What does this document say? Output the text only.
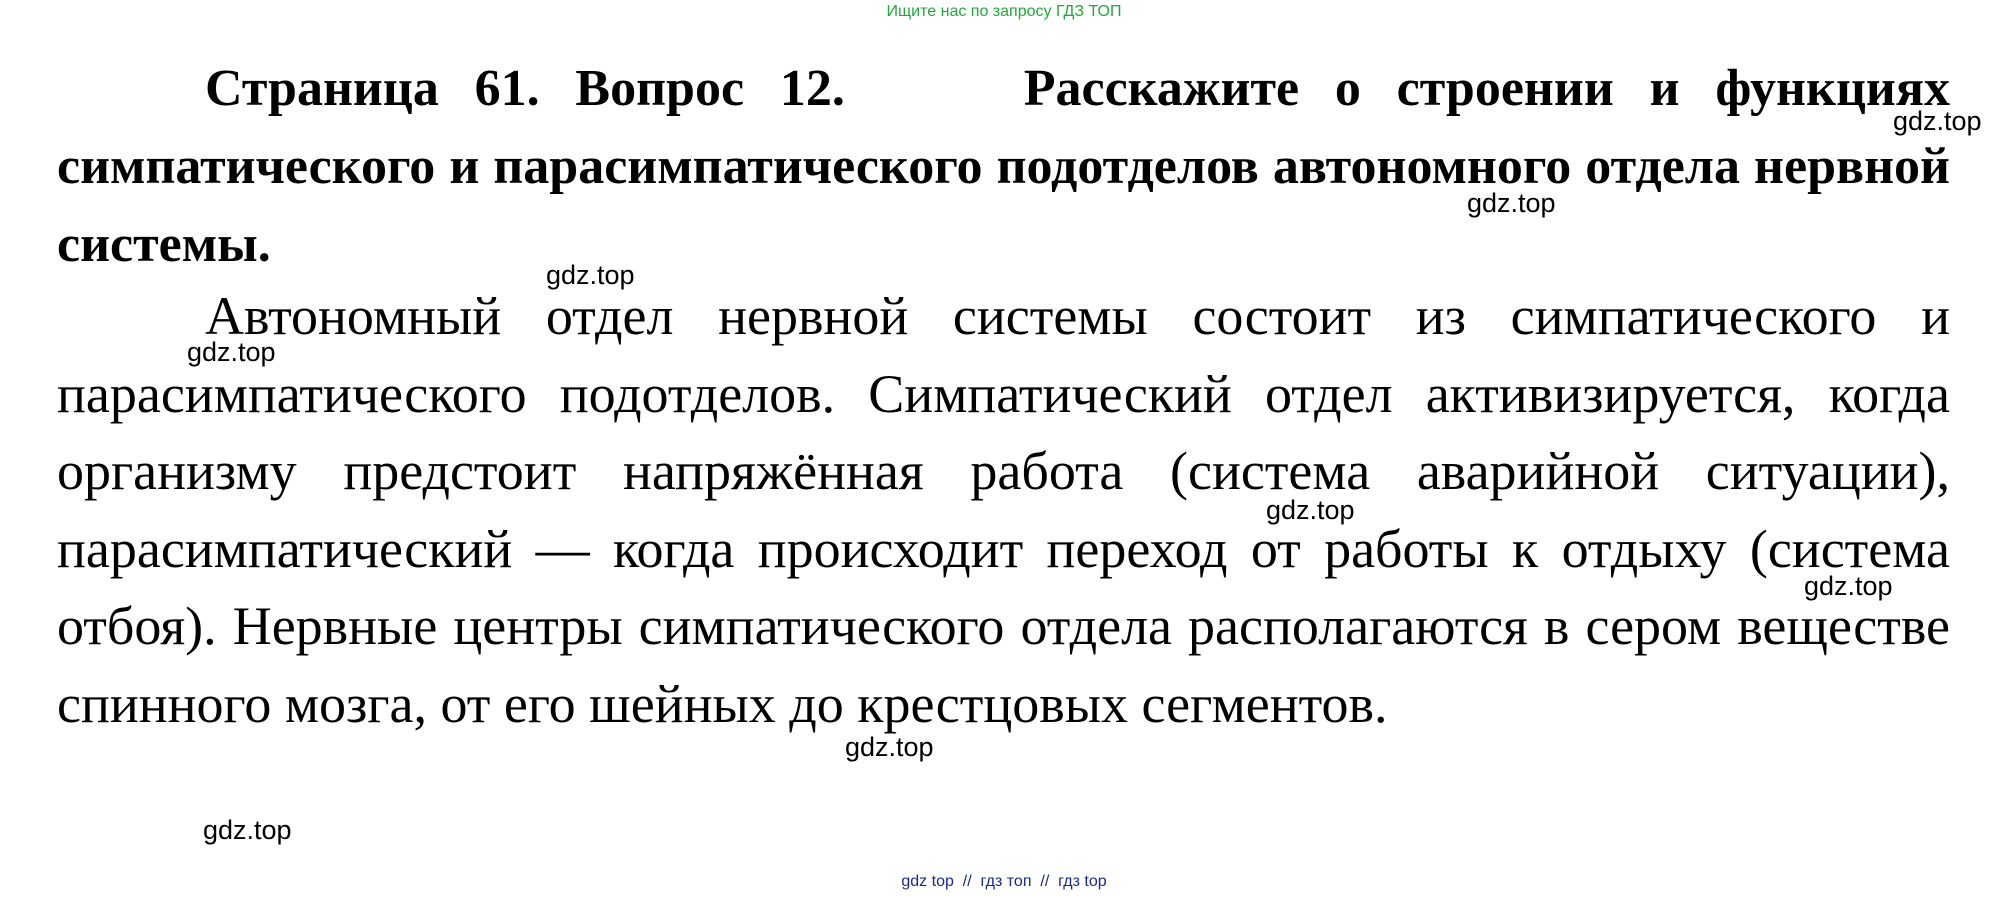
Ищите нас по запросу ГДЗ ТОП

Страница 61. Вопрос 12.     Расскажите о строении и функциях симпатического и парасимпатического подотделов автономного отдела нервной системы.

Автономный отдел нервной системы состоит из симпатического и парасимпатического подотделов. Симпатический отдел активизируется, когда организму предстоит напряжённая работа (система аварийной ситуации), парасимпатический — когда происходит переход от работы к отдыху (система отбоя). Нервные центры симпатического отдела располагаются в сером веществе спинного мозга, от его шейных до крестцовых сегментов.

gdz.top
gdz.top
gdz.top
gdz.top
gdz.top
gdz.top
gdz.top
gdz.top
gdz top  //  гдз топ  //  гдз top
